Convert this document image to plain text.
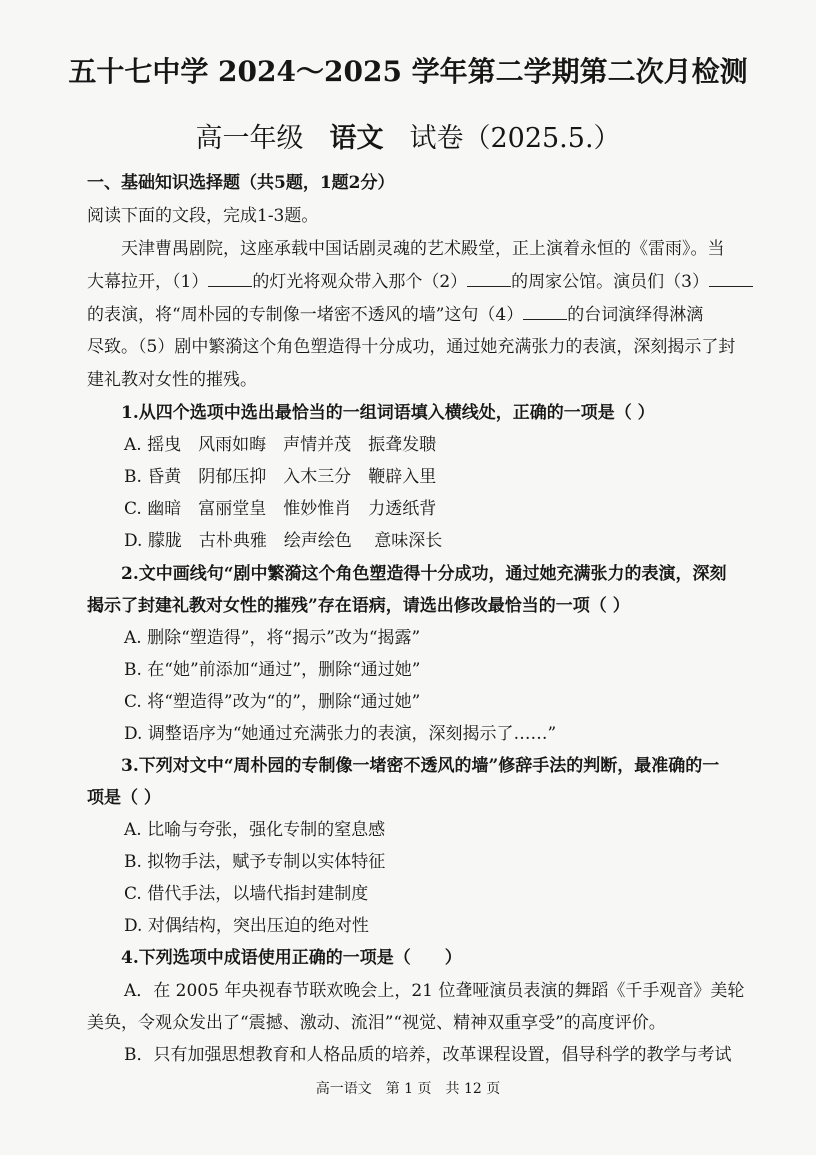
五十七中学 2024～2025 学年第二学期第二次月检测
高一年级 语文 试卷（2025.5.）
一、基础知识选择题（共5题，1题2分）
阅读下面的文段，完成1-3题。
天津曹禺剧院，这座承载中国话剧灵魂的艺术殿堂，正上演着永恒的《雷雨》。当
大幕拉开，（1）	的灯光将观众带入那个（2）	的周家公馆。演员们（3）
的表演，将“周朴园的专制像一堵密不透风的墙”这句（4）	的台词演绎得淋漓
尽致。（5）剧中繁漪这个角色塑造得十分成功，通过她充满张力的表演，深刻揭示了封
建礼教对女性的摧残。
1.从四个选项中选出最恰当的一组词语填入横线处，正确的一项是（ ）
A. 摇曳　风雨如晦　声情并茂　振聋发聩
B. 昏黄　阴郁压抑　入木三分　鞭辟入里
C. 幽暗　富丽堂皇　惟妙惟肖　力透纸背
D. 朦胧　古朴典雅　绘声绘色　 意味深长
2.文中画线句“剧中繁漪这个角色塑造得十分成功，通过她充满张力的表演，深刻
揭示了封建礼教对女性的摧残”存在语病，请选出修改最恰当的一项（ ）
A. 删除“塑造得”，将“揭示”改为“揭露”
B. 在“她”前添加“通过”，删除“通过她”
C. 将“塑造得”改为“的”，删除“通过她”
D. 调整语序为“她通过充满张力的表演，深刻揭示了……”
3.下列对文中“周朴园的专制像一堵密不透风的墙”修辞手法的判断，最准确的一
项是（ ）
A. 比喻与夸张，强化专制的窒息感
B. 拟物手法，赋予专制以实体特征
C. 借代手法，以墙代指封建制度
D. 对偶结构，突出压迫的绝对性
4.下列选项中成语使用正确的一项是（　　）
A．在 2005 年央视春节联欢晚会上，21 位聋哑演员表演的舞蹈《千手观音》美轮
美奂，令观众发出了“震撼、激动、流泪”“视觉、精神双重享受”的高度评价。
B．只有加强思想教育和人格品质的培养，改革课程设置，倡导科学的教学与考试
高一语文　第 1 页　共 12 页
